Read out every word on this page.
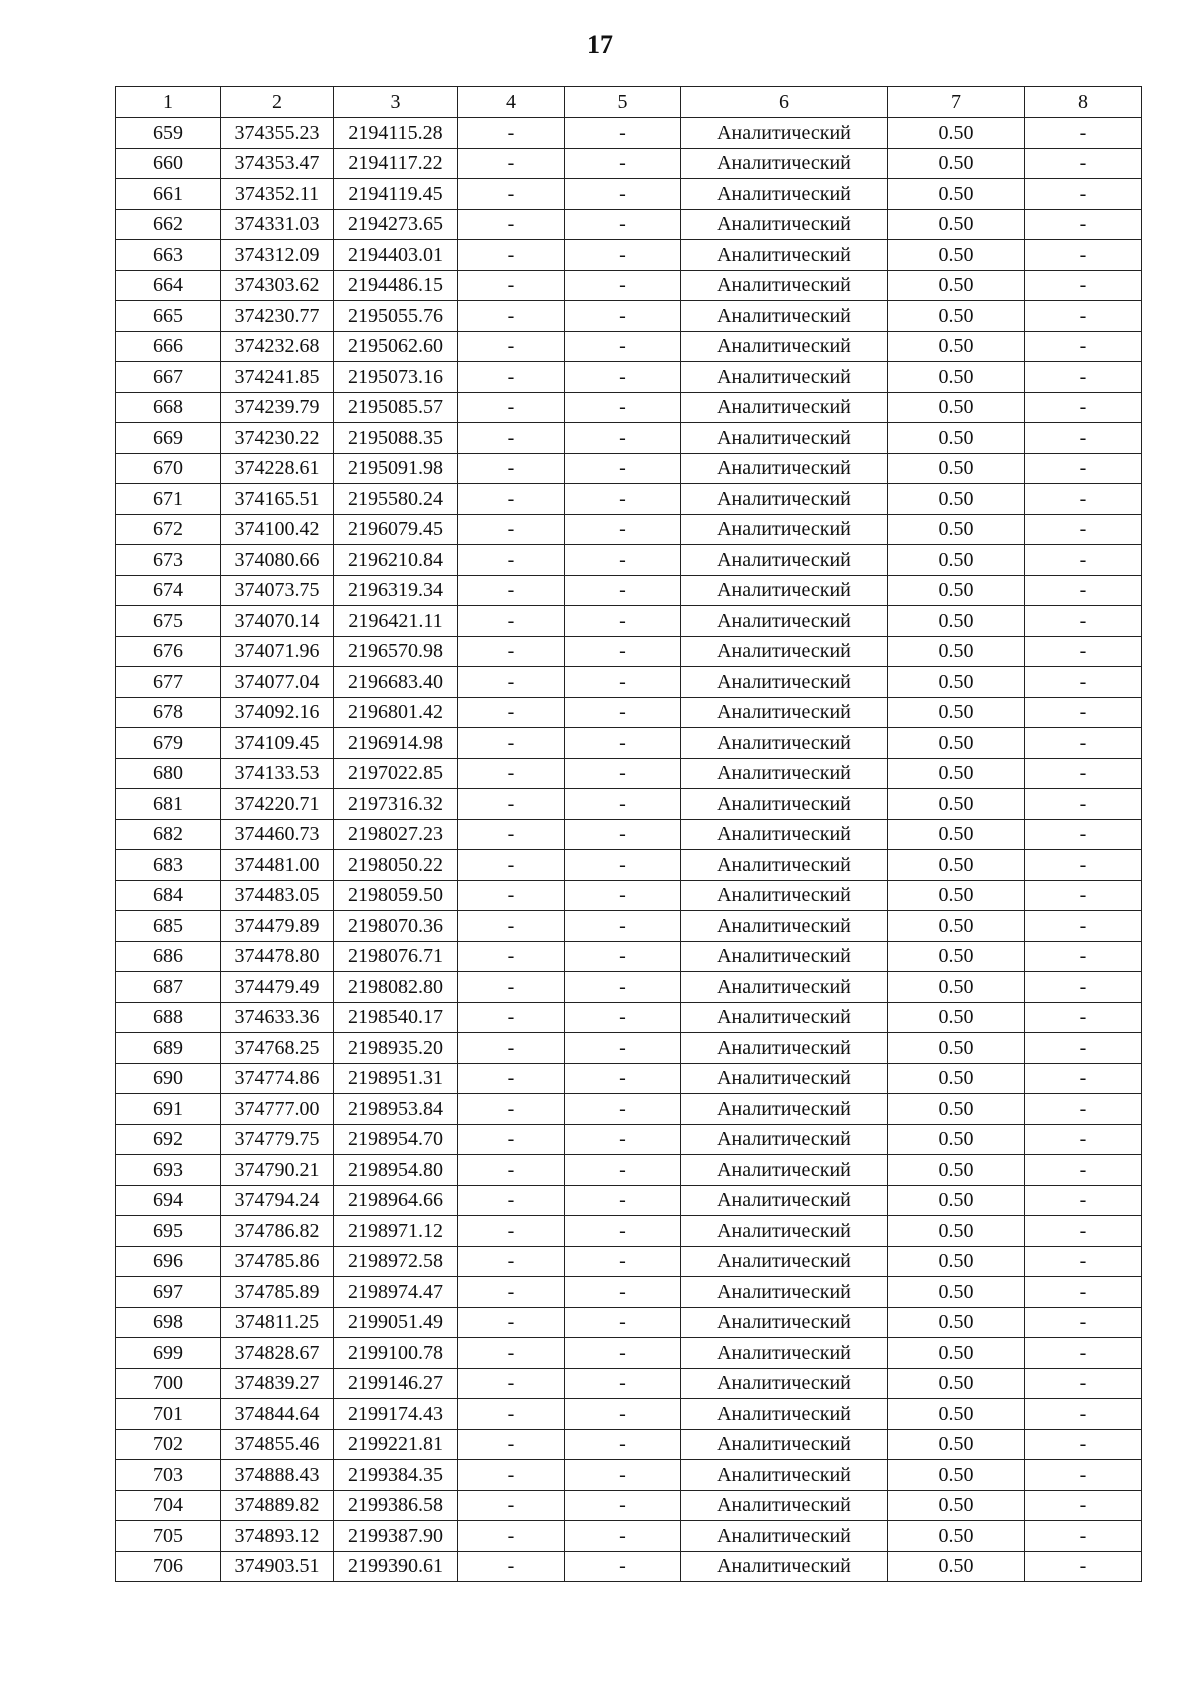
17
1	2	3	4	5	6	7	8
659	374355.23	2194115.28	-	-	Аналитический	0.50	-
660	374353.47	2194117.22	-	-	Аналитический	0.50	-
661	374352.11	2194119.45	-	-	Аналитический	0.50	-
662	374331.03	2194273.65	-	-	Аналитический	0.50	-
663	374312.09	2194403.01	-	-	Аналитический	0.50	-
664	374303.62	2194486.15	-	-	Аналитический	0.50	-
665	374230.77	2195055.76	-	-	Аналитический	0.50	-
666	374232.68	2195062.60	-	-	Аналитический	0.50	-
667	374241.85	2195073.16	-	-	Аналитический	0.50	-
668	374239.79	2195085.57	-	-	Аналитический	0.50	-
669	374230.22	2195088.35	-	-	Аналитический	0.50	-
670	374228.61	2195091.98	-	-	Аналитический	0.50	-
671	374165.51	2195580.24	-	-	Аналитический	0.50	-
672	374100.42	2196079.45	-	-	Аналитический	0.50	-
673	374080.66	2196210.84	-	-	Аналитический	0.50	-
674	374073.75	2196319.34	-	-	Аналитический	0.50	-
675	374070.14	2196421.11	-	-	Аналитический	0.50	-
676	374071.96	2196570.98	-	-	Аналитический	0.50	-
677	374077.04	2196683.40	-	-	Аналитический	0.50	-
678	374092.16	2196801.42	-	-	Аналитический	0.50	-
679	374109.45	2196914.98	-	-	Аналитический	0.50	-
680	374133.53	2197022.85	-	-	Аналитический	0.50	-
681	374220.71	2197316.32	-	-	Аналитический	0.50	-
682	374460.73	2198027.23	-	-	Аналитический	0.50	-
683	374481.00	2198050.22	-	-	Аналитический	0.50	-
684	374483.05	2198059.50	-	-	Аналитический	0.50	-
685	374479.89	2198070.36	-	-	Аналитический	0.50	-
686	374478.80	2198076.71	-	-	Аналитический	0.50	-
687	374479.49	2198082.80	-	-	Аналитический	0.50	-
688	374633.36	2198540.17	-	-	Аналитический	0.50	-
689	374768.25	2198935.20	-	-	Аналитический	0.50	-
690	374774.86	2198951.31	-	-	Аналитический	0.50	-
691	374777.00	2198953.84	-	-	Аналитический	0.50	-
692	374779.75	2198954.70	-	-	Аналитический	0.50	-
693	374790.21	2198954.80	-	-	Аналитический	0.50	-
694	374794.24	2198964.66	-	-	Аналитический	0.50	-
695	374786.82	2198971.12	-	-	Аналитический	0.50	-
696	374785.86	2198972.58	-	-	Аналитический	0.50	-
697	374785.89	2198974.47	-	-	Аналитический	0.50	-
698	374811.25	2199051.49	-	-	Аналитический	0.50	-
699	374828.67	2199100.78	-	-	Аналитический	0.50	-
700	374839.27	2199146.27	-	-	Аналитический	0.50	-
701	374844.64	2199174.43	-	-	Аналитический	0.50	-
702	374855.46	2199221.81	-	-	Аналитический	0.50	-
703	374888.43	2199384.35	-	-	Аналитический	0.50	-
704	374889.82	2199386.58	-	-	Аналитический	0.50	-
705	374893.12	2199387.90	-	-	Аналитический	0.50	-
706	374903.51	2199390.61	-	-	Аналитический	0.50	-
